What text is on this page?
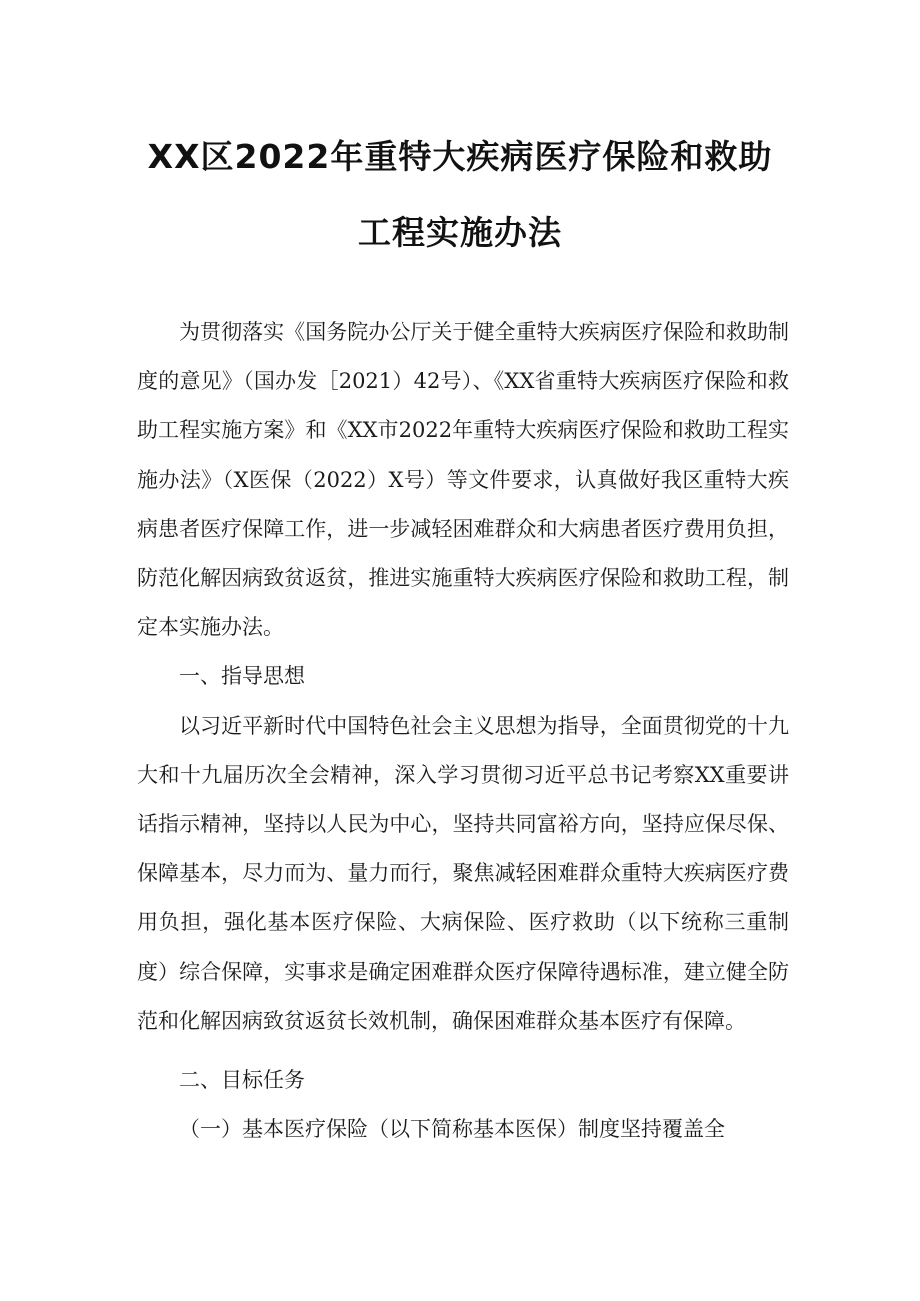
XX区2022年重特大疾病医疗保险和救助
工程实施办法

为贯彻落实《国务院办公厅关于健全重特大疾病医疗保险和救助制度的意见》（国办发［2021）42号）、《XX省重特大疾病医疗保险和救助工程实施方案》和《XX市2022年重特大疾病医疗保险和救助工程实施办法》（X医保（2022）X号）等文件要求，认真做好我区重特大疾病患者医疗保障工作，进一步减轻困难群众和大病患者医疗费用负担，防范化解因病致贫返贫，推进实施重特大疾病医疗保险和救助工程，制定本实施办法。

一、指导思想

以习近平新时代中国特色社会主义思想为指导，全面贯彻党的十九大和十九届历次全会精神，深入学习贯彻习近平总书记考察XX重要讲话指示精神，坚持以人民为中心，坚持共同富裕方向，坚持应保尽保、保障基本，尽力而为、量力而行，聚焦减轻困难群众重特大疾病医疗费用负担，强化基本医疗保险、大病保险、医疗救助（以下统称三重制度）综合保障，实事求是确定困难群众医疗保障待遇标准，建立健全防范和化解因病致贫返贫长效机制，确保困难群众基本医疗有保障。

二、目标任务

（一）基本医疗保险（以下简称基本医保）制度坚持覆盖全
